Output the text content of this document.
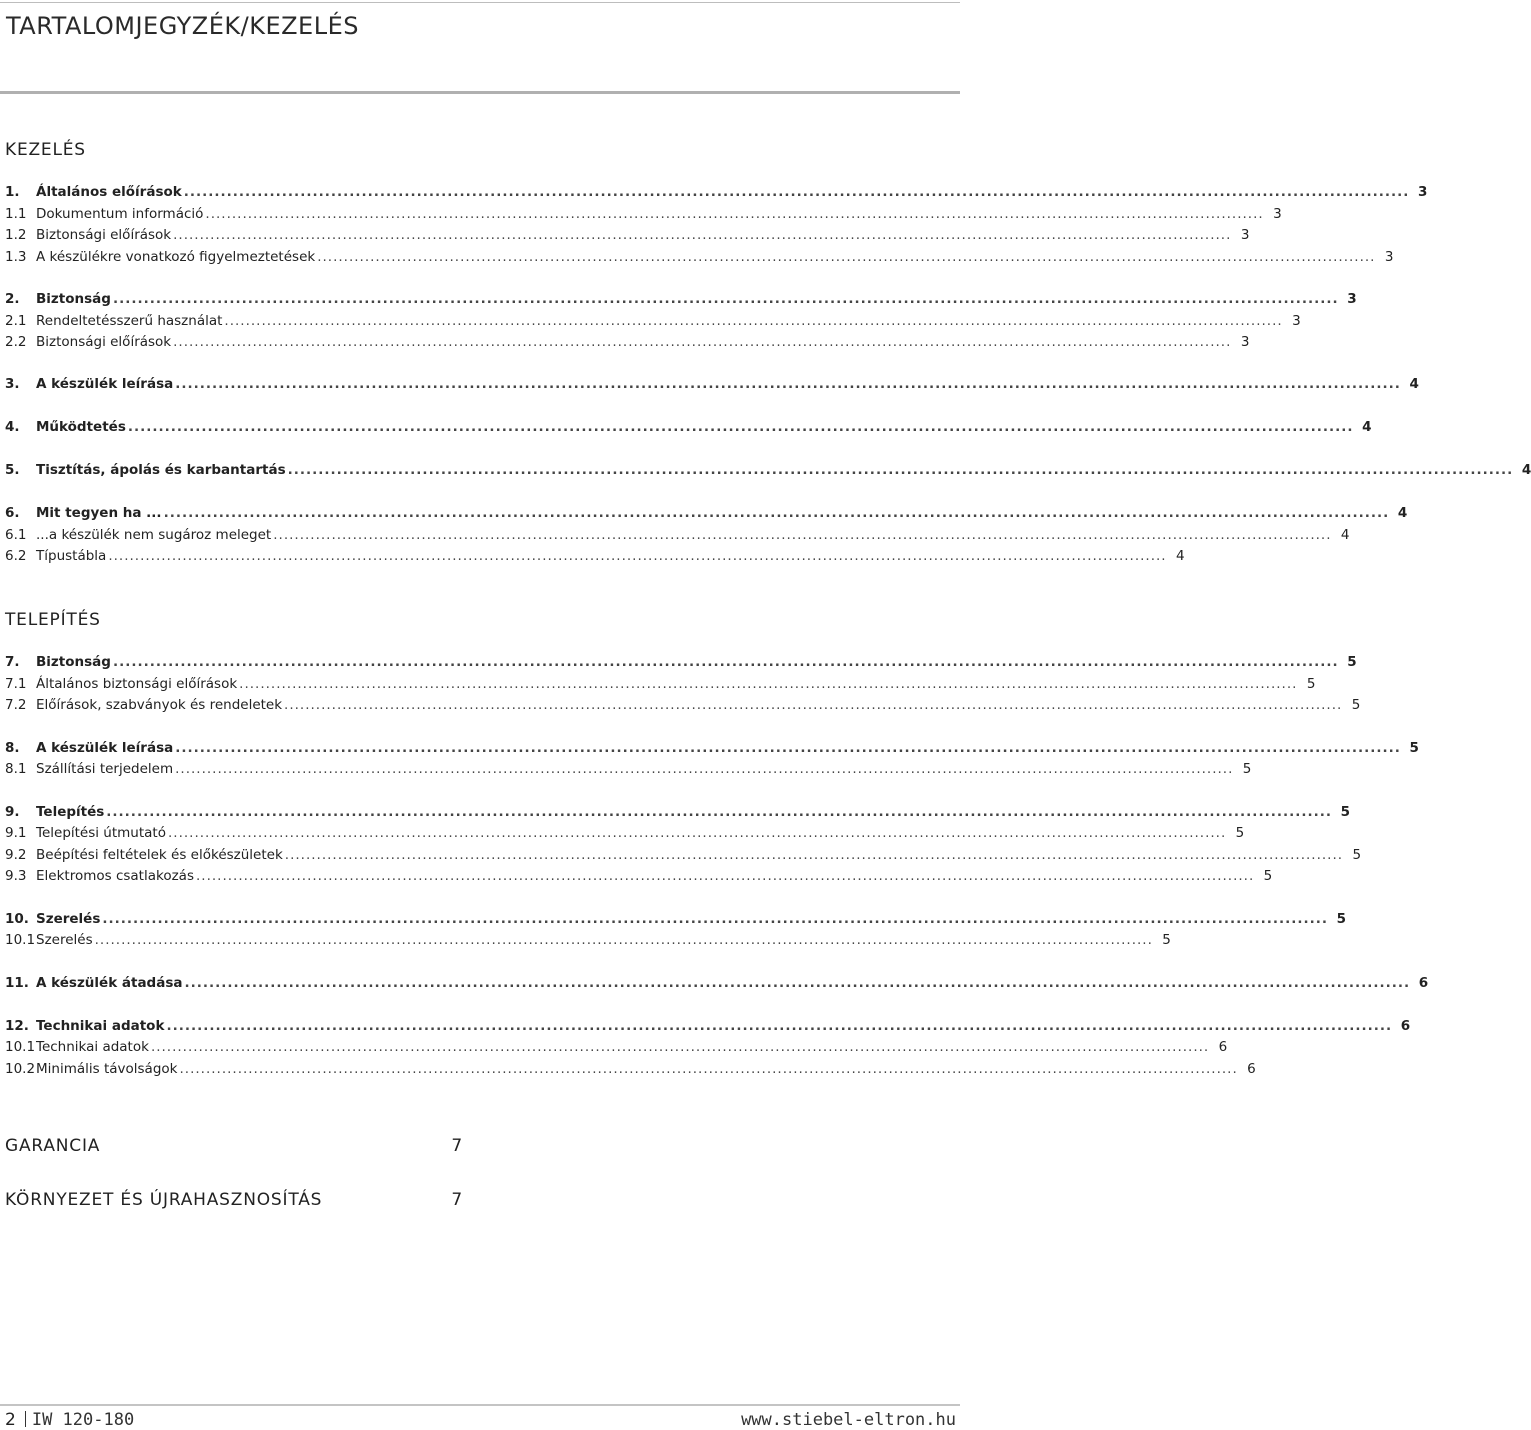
TARTALOMJEGYZÉK/KEZELÉS
KEZELÉS
1.	Általános előírások ........................................................................................................................................................................................................ 3
1.1 Dokumentum információ ........................................................................................................................................................................................................ 3
1.2 Biztonsági előírások ........................................................................................................................................................................................................ 3
1.3 A készülékre vonatkozó figyelmeztetések ........................................................................................................................................................................................................ 3
2.	Biztonság ........................................................................................................................................................................................................ 3
2.1 Rendeltetésszerű használat ........................................................................................................................................................................................................ 3
2.2 Biztonsági előírások ........................................................................................................................................................................................................ 3
3.	A készülék leírása ........................................................................................................................................................................................................ 4
4.	Működtetés ........................................................................................................................................................................................................ 4
5.	Tisztítás, ápolás és karbantartás ........................................................................................................................................................................................................ 4
6.	Mit tegyen ha ... ........................................................................................................................................................................................................ 4
6.1 ...a készülék nem sugároz meleget ........................................................................................................................................................................................................ 4
6.2 Típustábla ........................................................................................................................................................................................................ 4
TELEPÍTÉS
7.	Biztonság ........................................................................................................................................................................................................ 5
7.1 Általános biztonsági előírások ........................................................................................................................................................................................................ 5
7.2 Előírások, szabványok és rendeletek ........................................................................................................................................................................................................ 5
8.	A készülék leírása ........................................................................................................................................................................................................ 5
8.1 Szállítási terjedelem ........................................................................................................................................................................................................ 5
9.	Telepítés ........................................................................................................................................................................................................ 5
9.1 Telepítési útmutató ........................................................................................................................................................................................................ 5
9.2 Beépítési feltételek és előkészületek ........................................................................................................................................................................................................ 5
9.3 Elektromos csatlakozás ........................................................................................................................................................................................................ 5
10. Szerelés ........................................................................................................................................................................................................ 5
10.1 Szerelés ........................................................................................................................................................................................................ 5
11. A készülék átadása ........................................................................................................................................................................................................ 6
12. Technikai adatok ........................................................................................................................................................................................................ 6
10.1 Technikai adatok ........................................................................................................................................................................................................ 6
10.2 Minimális távolságok ........................................................................................................................................................................................................ 6
GARANCIA	7
KÖRNYEZET ÉS ÚJRAHASZNOSÍTÁS	7
2 IW 120-180	www.stiebel-eltron.hu
